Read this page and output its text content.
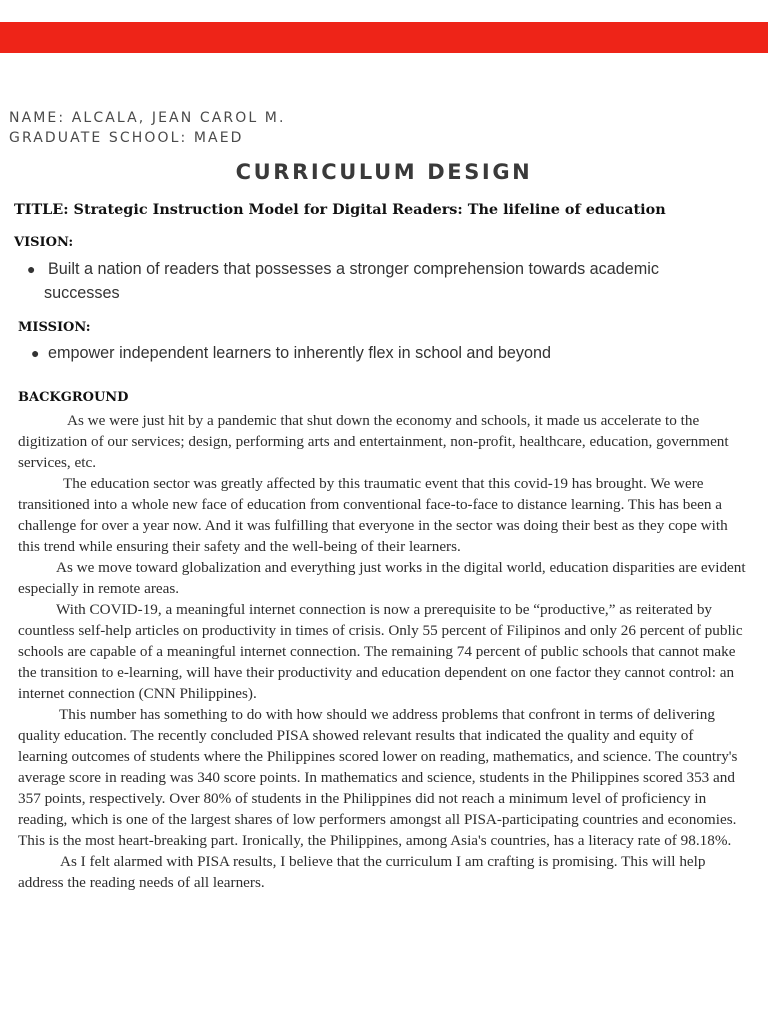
NAME: ALCALA, JEAN CAROL M.
GRADUATE SCHOOL: MAED
CURRICULUM DESIGN
TITLE: Strategic Instruction Model for Digital Readers: The lifeline of education
VISION:
● Built a nation of readers that possesses a stronger comprehension towards academic successes
MISSION:
● empower independent learners to inherently flex in school and beyond
BACKGROUND

As we were just hit by a pandemic that shut down the economy and schools, it made us accelerate to the digitization of our services; design, performing arts and entertainment, non-profit, healthcare, education, government services, etc.

The education sector was greatly affected by this traumatic event that this covid-19 has brought. We were transitioned into a whole new face of education from conventional face-to-face to distance learning. This has been a challenge for over a year now. And it was fulfilling that everyone in the sector was doing their best as they cope with this trend while ensuring their safety and the well-being of their learners.

As we move toward globalization and everything just works in the digital world, education disparities are evident especially in remote areas.

With COVID-19, a meaningful internet connection is now a prerequisite to be “productive,” as reiterated by countless self-help articles on productivity in times of crisis. Only 55 percent of Filipinos and only 26 percent of public schools are capable of a meaningful internet connection. The remaining 74 percent of public schools that cannot make the transition to e-learning, will have their productivity and education dependent on one factor they cannot control: an internet connection (CNN Philippines).

This number has something to do with how should we address problems that confront in terms of delivering quality education. The recently concluded PISA showed relevant results that indicated the quality and equity of learning outcomes of students where the Philippines scored lower on reading, mathematics, and science. The country's average score in reading was 340 score points. In mathematics and science, students in the Philippines scored 353 and 357 points, respectively. Over 80% of students in the Philippines did not reach a minimum level of proficiency in reading, which is one of the largest shares of low performers amongst all PISA-participating countries and economies. This is the most heart-breaking part. Ironically, the Philippines, among Asia's countries, has a literacy rate of 98.18%.

As I felt alarmed with PISA results, I believe that the curriculum I am crafting is promising. This will help address the reading needs of all learners.
